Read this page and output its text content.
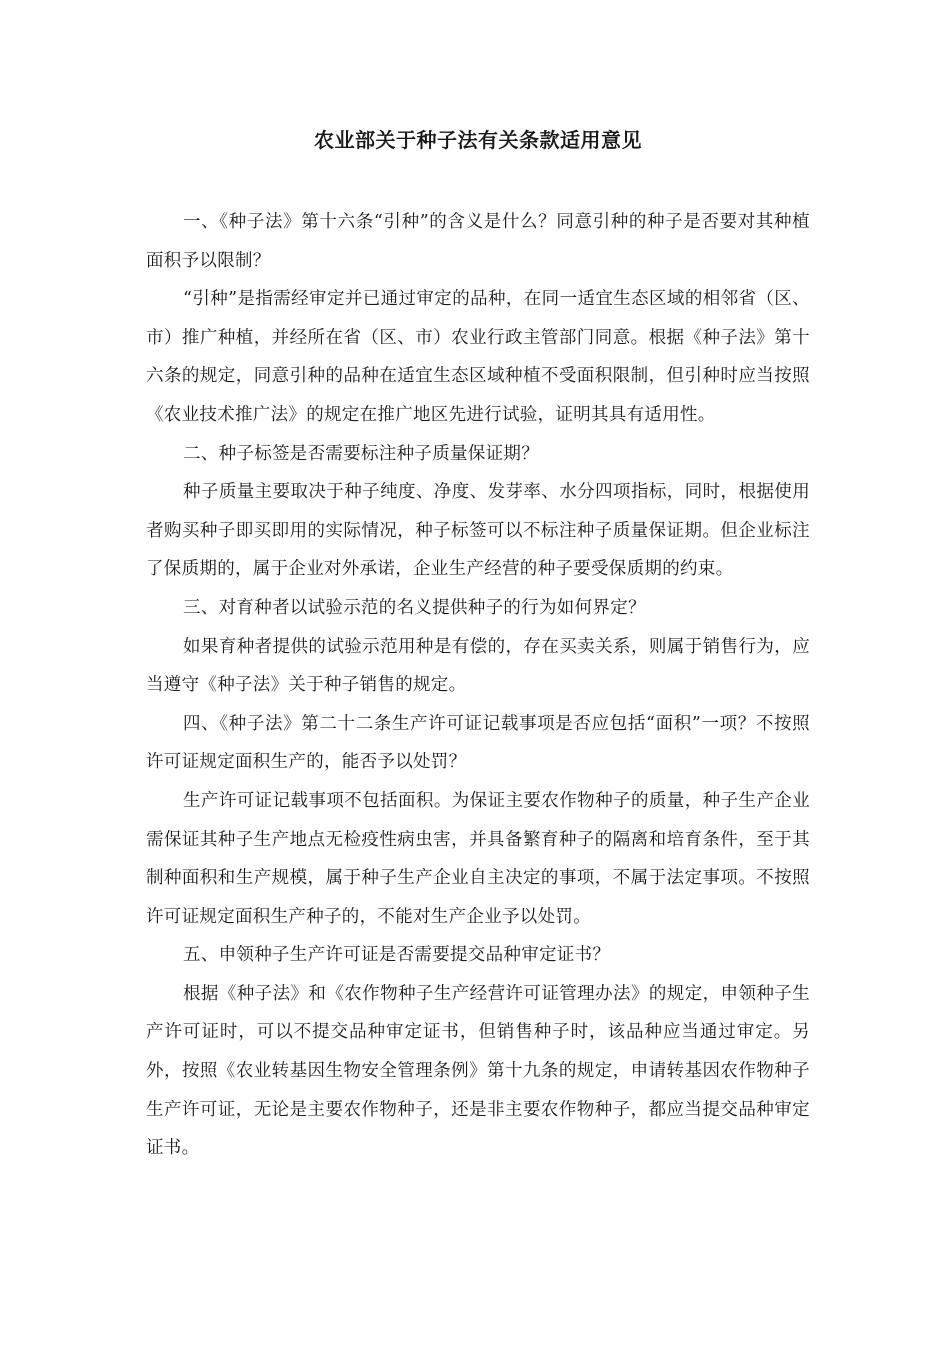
农业部关于种子法有关条款适用意见

一、《种子法》第十六条“引种”的含义是什么？同意引种的种子是否要对其种植面积予以限制？

“引种”是指需经审定并已通过审定的品种，在同一适宜生态区域的相邻省（区、市）推广种植，并经所在省（区、市）农业行政主管部门同意。根据《种子法》第十六条的规定，同意引种的品种在适宜生态区域种植不受面积限制，但引种时应当按照《农业技术推广法》的规定在推广地区先进行试验，证明其具有适用性。

二、种子标签是否需要标注种子质量保证期？

种子质量主要取决于种子纯度、净度、发芽率、水分四项指标，同时，根据使用者购买种子即买即用的实际情况，种子标签可以不标注种子质量保证期。但企业标注了保质期的，属于企业对外承诺，企业生产经营的种子要受保质期的约束。

三、对育种者以试验示范的名义提供种子的行为如何界定？

如果育种者提供的试验示范用种是有偿的，存在买卖关系，则属于销售行为，应当遵守《种子法》关于种子销售的规定。

四、《种子法》第二十二条生产许可证记载事项是否应包括“面积”一项？不按照许可证规定面积生产的，能否予以处罚？

生产许可证记载事项不包括面积。为保证主要农作物种子的质量，种子生产企业需保证其种子生产地点无检疫性病虫害，并具备繁育种子的隔离和培育条件，至于其制种面积和生产规模，属于种子生产企业自主决定的事项，不属于法定事项。不按照许可证规定面积生产种子的，不能对生产企业予以处罚。

五、申领种子生产许可证是否需要提交品种审定证书？

根据《种子法》和《农作物种子生产经营许可证管理办法》的规定，申领种子生产许可证时，可以不提交品种审定证书，但销售种子时，该品种应当通过审定。另外，按照《农业转基因生物安全管理条例》第十九条的规定，申请转基因农作物种子生产许可证，无论是主要农作物种子，还是非主要农作物种子，都应当提交品种审定证书。
